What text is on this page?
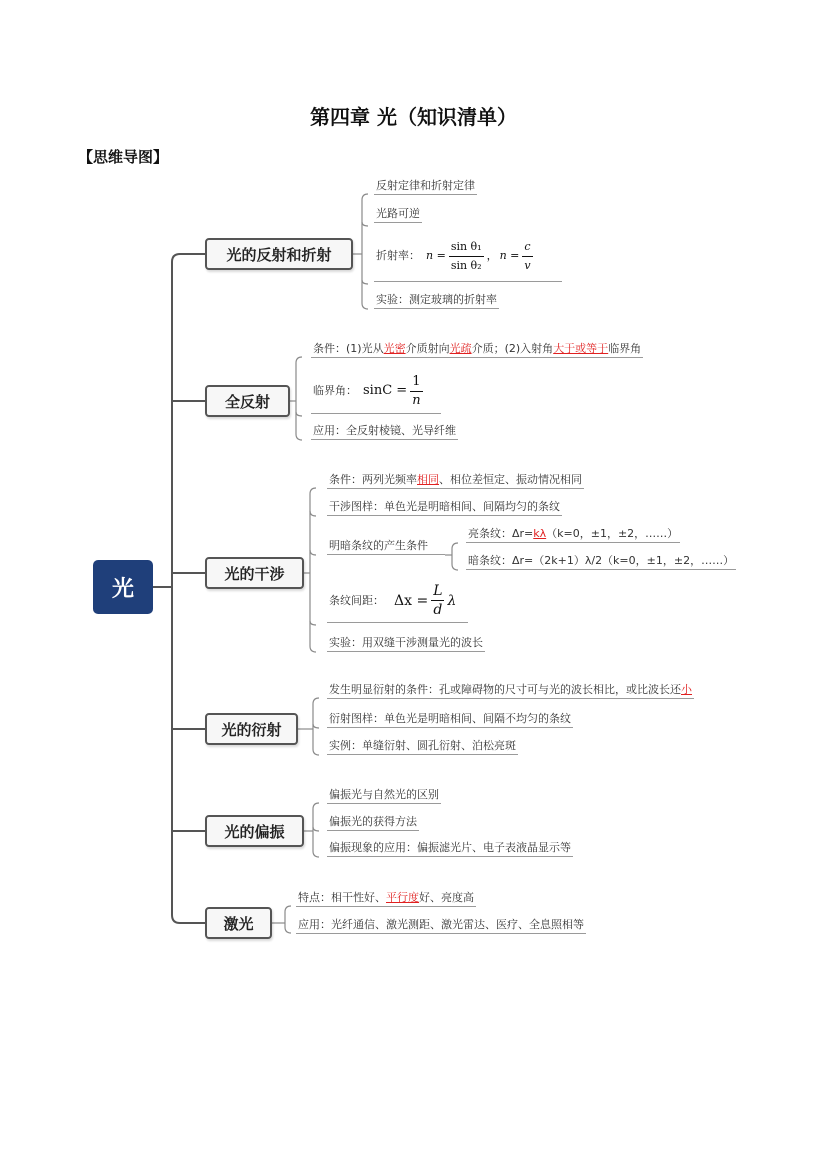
第四章 光（知识清单）
【思维导图】
光
光的反射和折射
反射定律和折射定律
光路可逆
折射率： $n = \frac{\text{sin θ₁}}{\text{sin θ₂}}$ ， $n = \frac{c}{v}$
实验：测定玻璃的折射率
全反射
条件：(1)光从光密介质射向光疏介质；(2)入射角大于或等于临界角
临界角： $\sin C = \frac{1}{n}$
应用：全反射棱镜、光导纤维
光的干涉
条件：两列光频率相同、相位差恒定、振动情况相同
干涉图样：单色光是明暗相间、间隔均匀的条纹
明暗条纹的产生条件
亮条纹：Δr=kλ（k=0，±1，±2，……）
暗条纹：Δr=（2k+1）λ/2（k=0，±1，±2，……）
条纹间距： $\Delta x = \frac{L}{d}$ λ
实验：用双缝干涉测量光的波长
光的衍射
发生明显衍射的条件：孔或障碍物的尺寸可与光的波长相比，或比波长还小
衍射图样：单色光是明暗相间、间隔不均匀的条纹
实例：单缝衍射、圆孔衍射、泊松亮斑
光的偏振
偏振光与自然光的区别
偏振光的获得方法
偏振现象的应用：偏振滤光片、电子表液晶显示等
激光
特点：相干性好、平行度好、亮度高
应用：光纤通信、激光测距、激光雷达、医疗、全息照相等
